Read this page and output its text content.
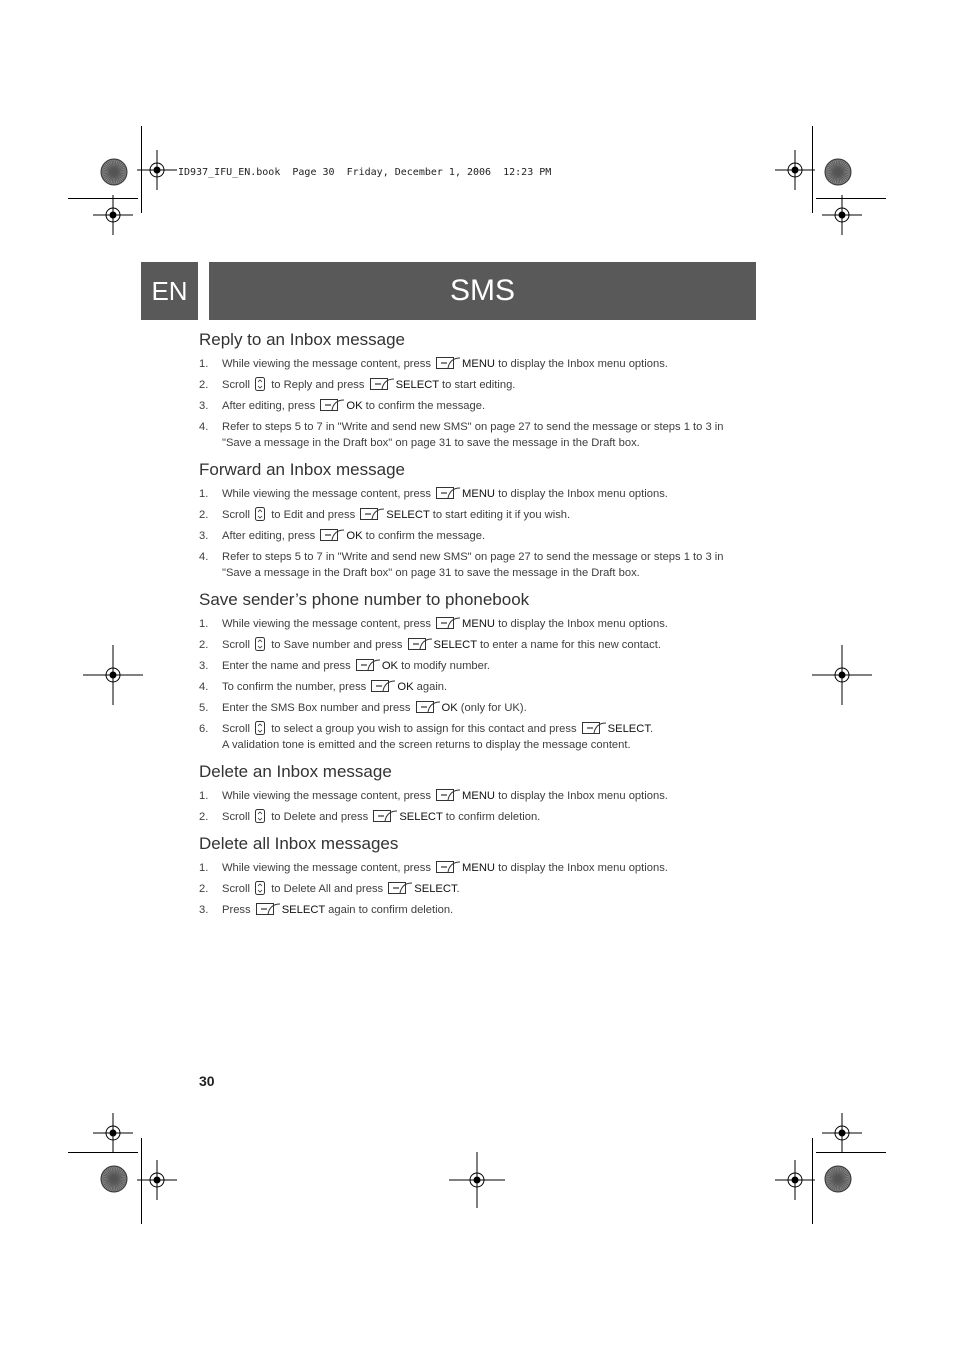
ID937_IFU_EN.book  Page 30  Friday, December 1, 2006  12:23 PM
EN	SMS
Reply to an Inbox message
1. While viewing the message content, press	MENU to display the Inbox menu options.
2. Scroll  to Reply and press	SELECT to start editing.
3. After editing, press	OK to confirm the message.
4. Refer to steps 5 to 7 in "Write and send new SMS" on page 27 to send the message or steps 1 to 3 in "Save a message in the Draft box" on page 31 to save the message in the Draft box.
Forward an Inbox message
1. While viewing the message content, press	MENU to display the Inbox menu options.
2. Scroll  to Edit and press	SELECT to start editing it if you wish.
3. After editing, press	OK to confirm the message.
4. Refer to steps 5 to 7 in "Write and send new SMS" on page 27 to send the message or steps 1 to 3 in "Save a message in the Draft box" on page 31 to save the message in the Draft box.
Save sender’s phone number to phonebook
1. While viewing the message content, press	MENU to display the Inbox menu options.
2. Scroll  to Save number and press	SELECT to enter a name for this new contact.
3. Enter the name and press	OK to modify number.
4. To confirm the number, press	OK again.
5. Enter the SMS Box number and press	OK (only for UK).
6. Scroll  to select a group you wish to assign for this contact and press	SELECT.
A validation tone is emitted and the screen returns to display the message content.
Delete an Inbox message
1. While viewing the message content, press	MENU to display the Inbox menu options.
2. Scroll  to Delete and press	SELECT to confirm deletion.
Delete all Inbox messages
1. While viewing the message content, press	MENU to display the Inbox menu options.
2. Scroll  to Delete All and press	SELECT.
3. Press	SELECT again to confirm deletion.
30
